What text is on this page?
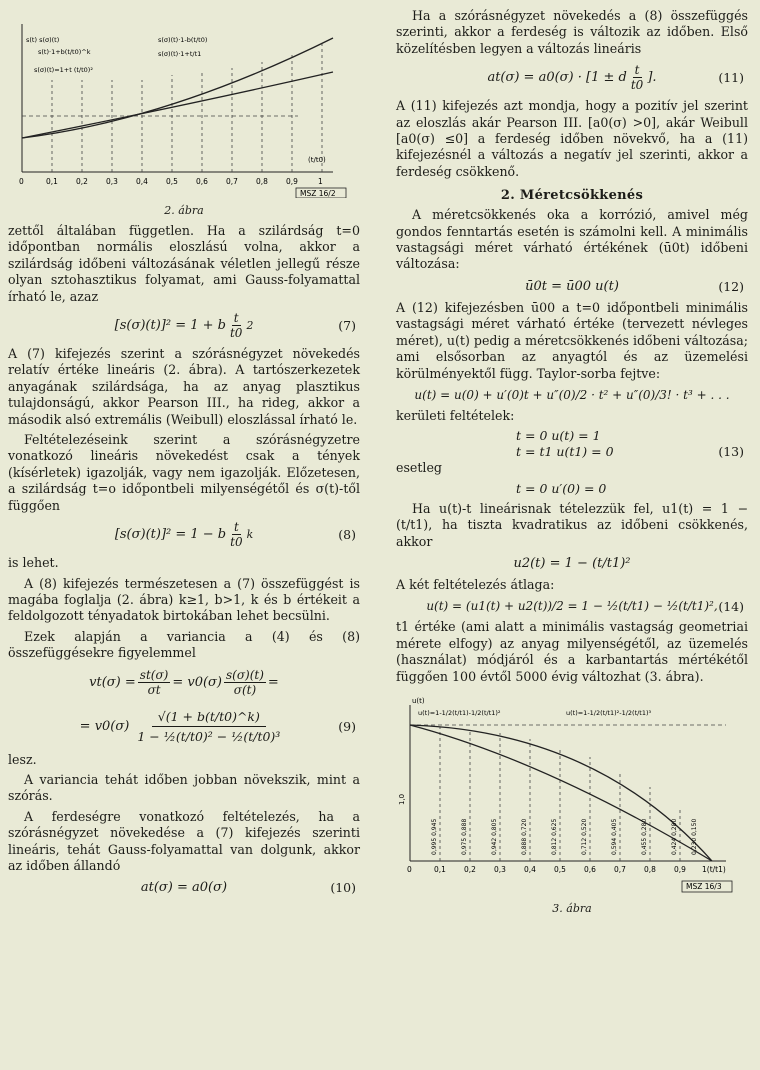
s(t) s(σ)(t)
s(t)·1+b(t/t0)^k
s(σ)(t)=1+t (t/t0)²
s(σ)(t)·1-b(t/t0)
s(σ)(t)·1+t/t1
(t/t0)
0	0,1 0,2 0,3 0,4 0,5 0,6 0,7 0,8 0,9	1
MSZ 16/2
2. ábra

zettől általában független. Ha a szilárdság t=0 időpontban normális eloszlású volna, akkor a szilárdság időbeni változásának véletlen jellegű része olyan sztohasztikus folyamat, ami Gauss-folyamattal írható le, azaz

[s(σ)(t)]² = 1 + b $\frac{t}{t0} 2$	(7)

A (7) kifejezés szerint a szórásnégyzet növekedés relatív értéke lineáris (2. ábra). A tartószerkezetek anyagának szilárdsága, ha az anyag plasztikus tulajdonságú, akkor Pearson III., ha rideg, akkor a második alsó extremális (Weibull) eloszlással írható le.

Feltételezéseink szerint a szórásnégyzetre vonatkozó lineáris növekedést csak a tények (kísérletek) igazolják, vagy nem igazolják. Előzetesen, a szilárdság t=o időpontbeli milyenségétől és σ(t)-től függően

[s(σ)(t)]² = 1 − b $\frac{t}{t0}$ k	(8)

is lehet.

A (8) kifejezés természetesen a (7) összefüggést is magába foglalja (2. ábra) k≥1, b>1, k és b értékeit a feldolgozott tényadatok birtokában lehet becsülni.

Ezek alapján a variancia a (4) és (8) összefüggésekre figyelemmel

$vt(\sigma) = \frac{st(\sigma)}{\sigma t} = v0(\sigma) \frac{s(\sigma)(t)}{\sigma(t)}$ =
= $v0(\sigma) \frac{√(1 + b(t/t0)\^{}k)}{\text{1 − ½(t/t0)² − ½(t/t0)³}}$	(9)

lesz.

A variancia tehát időben jobban növekszik, mint a szórás.

A ferdeségre vonatkozó feltételezés, ha a szórásnégyzet növekedése a (7) kifejezés szerinti lineáris, tehát Gauss-folyamattal van dolgunk, akkor az időben állandó

at(σ) = a0(σ)	(10)

Ha a szórásnégyzet növekedés a (8) összefüggés szerinti, akkor a ferdeség is változik az időben. Első közelítésben legyen a változás lineáris

at(σ) = a0(σ) · [1 ± d $\frac{t}{t0}$ ].	(11)

A (11) kifejezés azt mondja, hogy a pozitív jel szerint az eloszlás akár Pearson III. [a0(σ) >0], akár Weibull [a0(σ) ≤0] a ferdeség időben növekvő, ha a (11) kifejezésnél a változás a negatív jel szerinti, akkor a ferdeség csökkenő.

2. Méretcsökkenés

A méretcsökkenés oka a korrózió, amivel még gondos fenntartás esetén is számolni kell. A minimális vastagsági méret várható értékének (ū0t) időbeni változása:

ū0t = ū00 u(t)	(12)

A (12) kifejezésben ū00 a t=0 időpontbeli minimális vastagsági méret várható értéke (tervezett névleges méret), u(t) pedig a méretcsökkenés időbeni változása; ami elsősorban az anyagtól és az üzemelési körülményektől függ. Taylor-sorba fejtve:

u(t) = u(0) + u′(0)t + u″(0)/2 · t² + u″(0)/3! · t³ + . . .

kerületi feltételek:

t = 0 u(t) = 1
t = t1 u(t1) = 0	(13)

esetleg

t = 0 u′(0) = 0

Ha u(t)-t lineárisnak tételezzük fel, u1(t) = 1 − (t/t1), ha tiszta kvadratikus az időbeni csökkenés, akkor

u2(t) = 1 − (t/t1)²

A két feltételezés átlaga:

u(t) = (u1(t) + u2(t))/2 = 1 − ½(t/t1) − ½(t/t1)², (14)

t1 értéke (ami alatt a minimális vastagság geometriai mérete elfogy) az anyag milyenségétől, az üzemelés (használat) módjáról és a karbantartás mértékétől függően 100 évtől 5000 évig változhat (3. ábra).

u(t)
u(t)=1-1/2(t/t1)-1/2(t/t1)²	u(t)=1-1/2(t/t1)²-1/2(t/t1)³
1,0
0,995 0,945	0,975 0,888	0,942 0,805	0,888 0,720	0,812 0,625	0,712 0,520	0,594 0,405	0,455 0,280	0,424 0,280 0,230 0,150
0	0,1 0,2 0,3 0,4 0,5 0,6 0,7 0,8 0,9 1(t/t1)
MSZ 16/3
3. ábra
